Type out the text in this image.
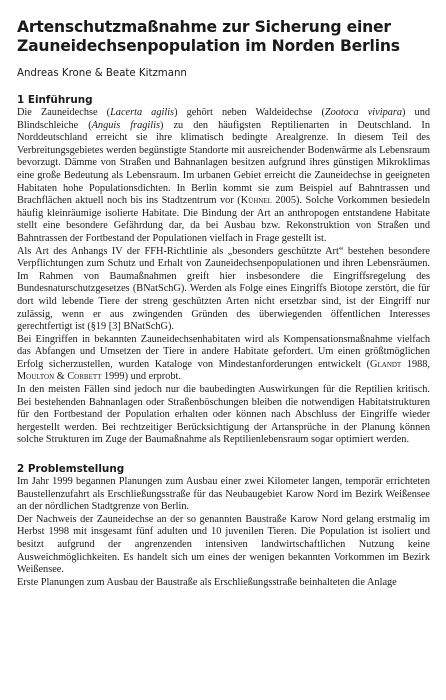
Artenschutzmaßnahme zur Sicherung einer Zauneidechsenpopulation im Norden Berlins

Andreas Krone & Beate Kitzmann

1 Einführung

Die Zauneidechse (Lacerta agilis) gehört neben Waldeidechse (Zootoca vivipara) und Blindschleiche (Anguis fragilis) zu den häufigsten Reptilienarten in Deutschland. In Norddeutschland erreicht sie ihre klimatisch bedingte Arealgrenze. In diesem Teil des Verbreitungsgebietes werden begünstigte Standorte mit ausreichender Bodenwärme als Lebensraum bevorzugt. Dämme von Straßen und Bahnanlagen besitzen aufgrund ihres günstigen Mikroklimas eine große Bedeutung als Lebensraum. Im urbanen Gebiet erreicht die Zauneidechse in geeigneten Habitaten hohe Populationsdichten. In Berlin kommt sie zum Beispiel auf Bahntrassen und Brachflächen aktuell noch bis ins Stadtzentrum vor (Kühnel 2005). Solche Vorkommen besiedeln häufig kleinräumige isolierte Habitate. Die Bindung der Art an anthropogen entstandene Habitate stellt eine besondere Gefährdung dar, da bei Ausbau bzw. Rekonstruktion von Straßen und Bahntrassen der Fortbestand der Populationen vielfach in Frage gestellt ist.

Als Art des Anhangs IV der FFH-Richtlinie als „besonders geschützte Art“ bestehen besondere Verpflichtungen zum Schutz und Erhalt von Zauneidechsenpopulationen und ihren Lebensräumen. Im Rahmen von Baumaßnahmen greift hier insbesondere die Eingriffsregelung des Bundesnaturschutzgesetzes (BNatSchG). Werden als Folge eines Eingriffs Biotope zerstört, die für dort wild lebende Tiere der streng geschützten Arten nicht ersetzbar sind, ist der Eingriff nur zulässig, wenn er aus zwingenden Gründen des überwiegenden öffentlichen Interesses gerechtfertigt ist (§19 [3] BNatSchG).

Bei Eingriffen in bekannten Zauneidechsenhabitaten wird als Kompensationsmaßnahme vielfach das Abfangen und Umsetzen der Tiere in andere Habitate gefordert. Um einen größtmöglichen Erfolg sicherzustellen, wurden Kataloge von Mindestanforderungen entwickelt (Glandt 1988, Moulton & Corbett 1999) und erprobt.

In den meisten Fällen sind jedoch nur die baubedingten Auswirkungen für die Reptilien kritisch. Bei bestehenden Bahnanlagen oder Straßenböschungen bleiben die notwendigen Habitatstrukturen für den Fortbestand der Population erhalten oder können nach Abschluss der Eingriffe wieder hergestellt werden. Bei rechtzeitiger Berücksichtigung der Artansprüche in der Planung können solche Strukturen im Zuge der Baumaßnahme als Reptilienlebensraum sogar optimiert werden.

2 Problemstellung

Im Jahr 1999 begannen Planungen zum Ausbau einer zwei Kilometer langen, temporär errichteten Baustellenzufahrt als Erschließungsstraße für das Neubaugebiet Karow Nord im Bezirk Weißensee an der nördlichen Stadtgrenze von Berlin.

Der Nachweis der Zauneidechse an der so genannten Baustraße Karow Nord gelang erstmalig im Herbst 1998 mit insgesamt fünf adulten und 10 juvenilen Tieren. Die Population ist isoliert und besitzt aufgrund der angrenzenden intensiven landwirtschaftlichen Nutzung keine Ausweichmöglichkeiten. Es handelt sich um eines der wenigen bekannten Vorkommen im Bezirk Weißensee.

Erste Planungen zum Ausbau der Baustraße als Erschließungsstraße beinhalteten die Anlage
